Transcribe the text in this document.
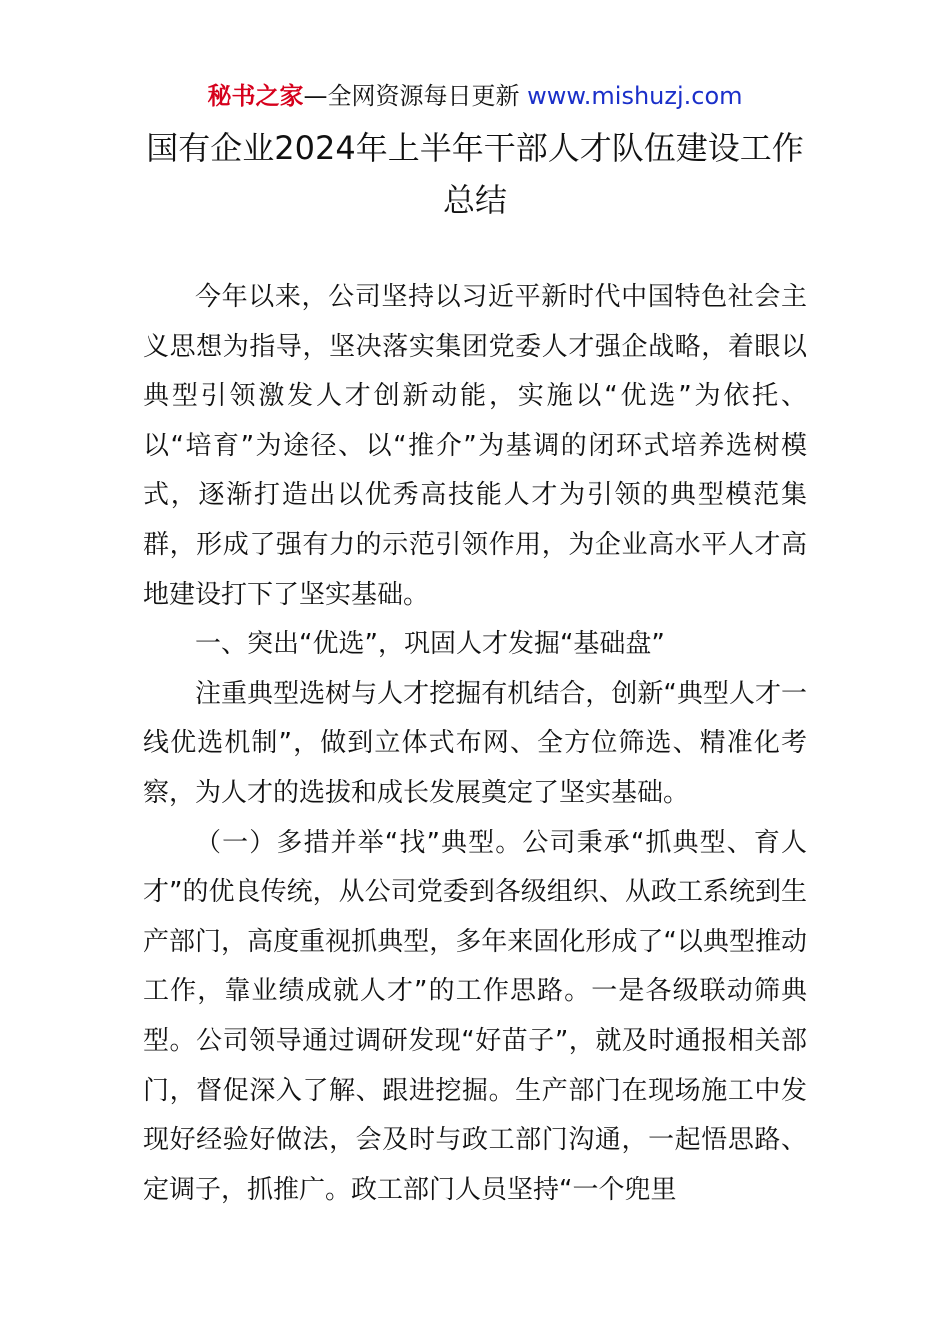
秘书之家—全网资源每日更新 www.mishuzj.com
国有企业2024年上半年干部人才队伍建设工作
总结

今年以来，公司坚持以习近平新时代中国特色社会主义思想为指导，坚决落实集团党委人才强企战略，着眼以典型引领激发人才创新动能，实施以“优选”为依托、以“培育”为途径、以“推介”为基调的闭环式培养选树模式，逐渐打造出以优秀高技能人才为引领的典型模范集群，形成了强有力的示范引领作用，为企业高水平人才高地建设打下了坚实基础。

一、突出“优选”，巩固人才发掘“基础盘”

注重典型选树与人才挖掘有机结合，创新“典型人才一线优选机制”，做到立体式布网、全方位筛选、精准化考察，为人才的选拔和成长发展奠定了坚实基础。

（一）多措并举“找”典型。公司秉承“抓典型、育人才”的优良传统，从公司党委到各级组织、从政工系统到生产部门，高度重视抓典型，多年来固化形成了“以典型推动工作，靠业绩成就人才”的工作思路。一是各级联动筛典型。公司领导通过调研发现“好苗子”，就及时通报相关部门，督促深入了解、跟进挖掘。生产部门在现场施工中发现好经验好做法，会及时与政工部门沟通，一起悟思路、定调子，抓推广。政工部门人员坚持“一个兜里
